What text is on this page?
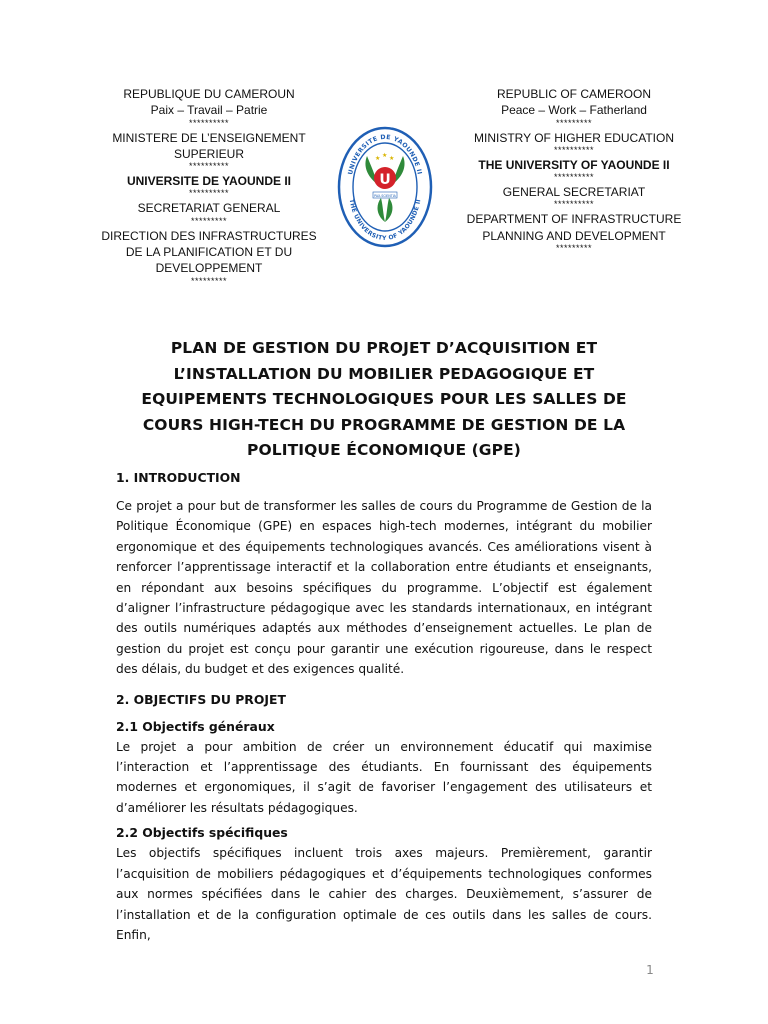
REPUBLIQUE DU CAMEROUN
Paix – Travail – Patrie
**********
MINISTERE DE L’ENSEIGNEMENT SUPERIEUR
**********
UNIVERSITE DE YAOUNDE II
**********
SECRETARIAT GENERAL
*********
DIRECTION DES INFRASTRUCTURES DE LA PLANIFICATION ET DU DEVELOPPEMENT
*********
UNIVERSITE DE YAOUNDE II
THE UNIVERSITY OF YAOUNDE II
★ ★ ★
U
PAX-SCIENTIA
REPUBLIC OF CAMEROON
Peace – Work – Fatherland
*********
MINISTRY OF HIGHER EDUCATION
**********
THE UNIVERSITY OF YAOUNDE II
**********
GENERAL SECRETARIAT
**********
DEPARTMENT OF INFRASTRUCTURE PLANNING AND DEVELOPMENT
*********
PLAN DE GESTION DU PROJET D’ACQUISITION ET L’INSTALLATION DU MOBILIER PEDAGOGIQUE ET EQUIPEMENTS TECHNOLOGIQUES POUR LES SALLES DE COURS HIGH-TECH DU PROGRAMME DE GESTION DE LA POLITIQUE ÉCONOMIQUE (GPE)
1. INTRODUCTION

Ce projet a pour but de transformer les salles de cours du Programme de Gestion de la Politique Économique (GPE) en espaces high-tech modernes, intégrant du mobilier ergonomique et des équipements technologiques avancés. Ces améliorations visent à renforcer l’apprentissage interactif et la collaboration entre étudiants et enseignants, en répondant aux besoins spécifiques du programme. L’objectif est également d’aligner l’infrastructure pédagogique avec les standards internationaux, en intégrant des outils numériques adaptés aux méthodes d’enseignement actuelles. Le plan de gestion du projet est conçu pour garantir une exécution rigoureuse, dans le respect des délais, du budget et des exigences qualité.

2. OBJECTIFS DU PROJET
2.1 Objectifs généraux

Le projet a pour ambition de créer un environnement éducatif qui maximise l’interaction et l’apprentissage des étudiants. En fournissant des équipements modernes et ergonomiques, il s’agit de favoriser l’engagement des utilisateurs et d’améliorer les résultats pédagogiques.

2.2 Objectifs spécifiques

Les objectifs spécifiques incluent trois axes majeurs. Premièrement, garantir l’acquisition de mobiliers pédagogiques et d’équipements technologiques conformes aux normes spécifiées dans le cahier des charges. Deuxièmement, s’assurer de l’installation et de la configuration optimale de ces outils dans les salles de cours. Enfin,

1
